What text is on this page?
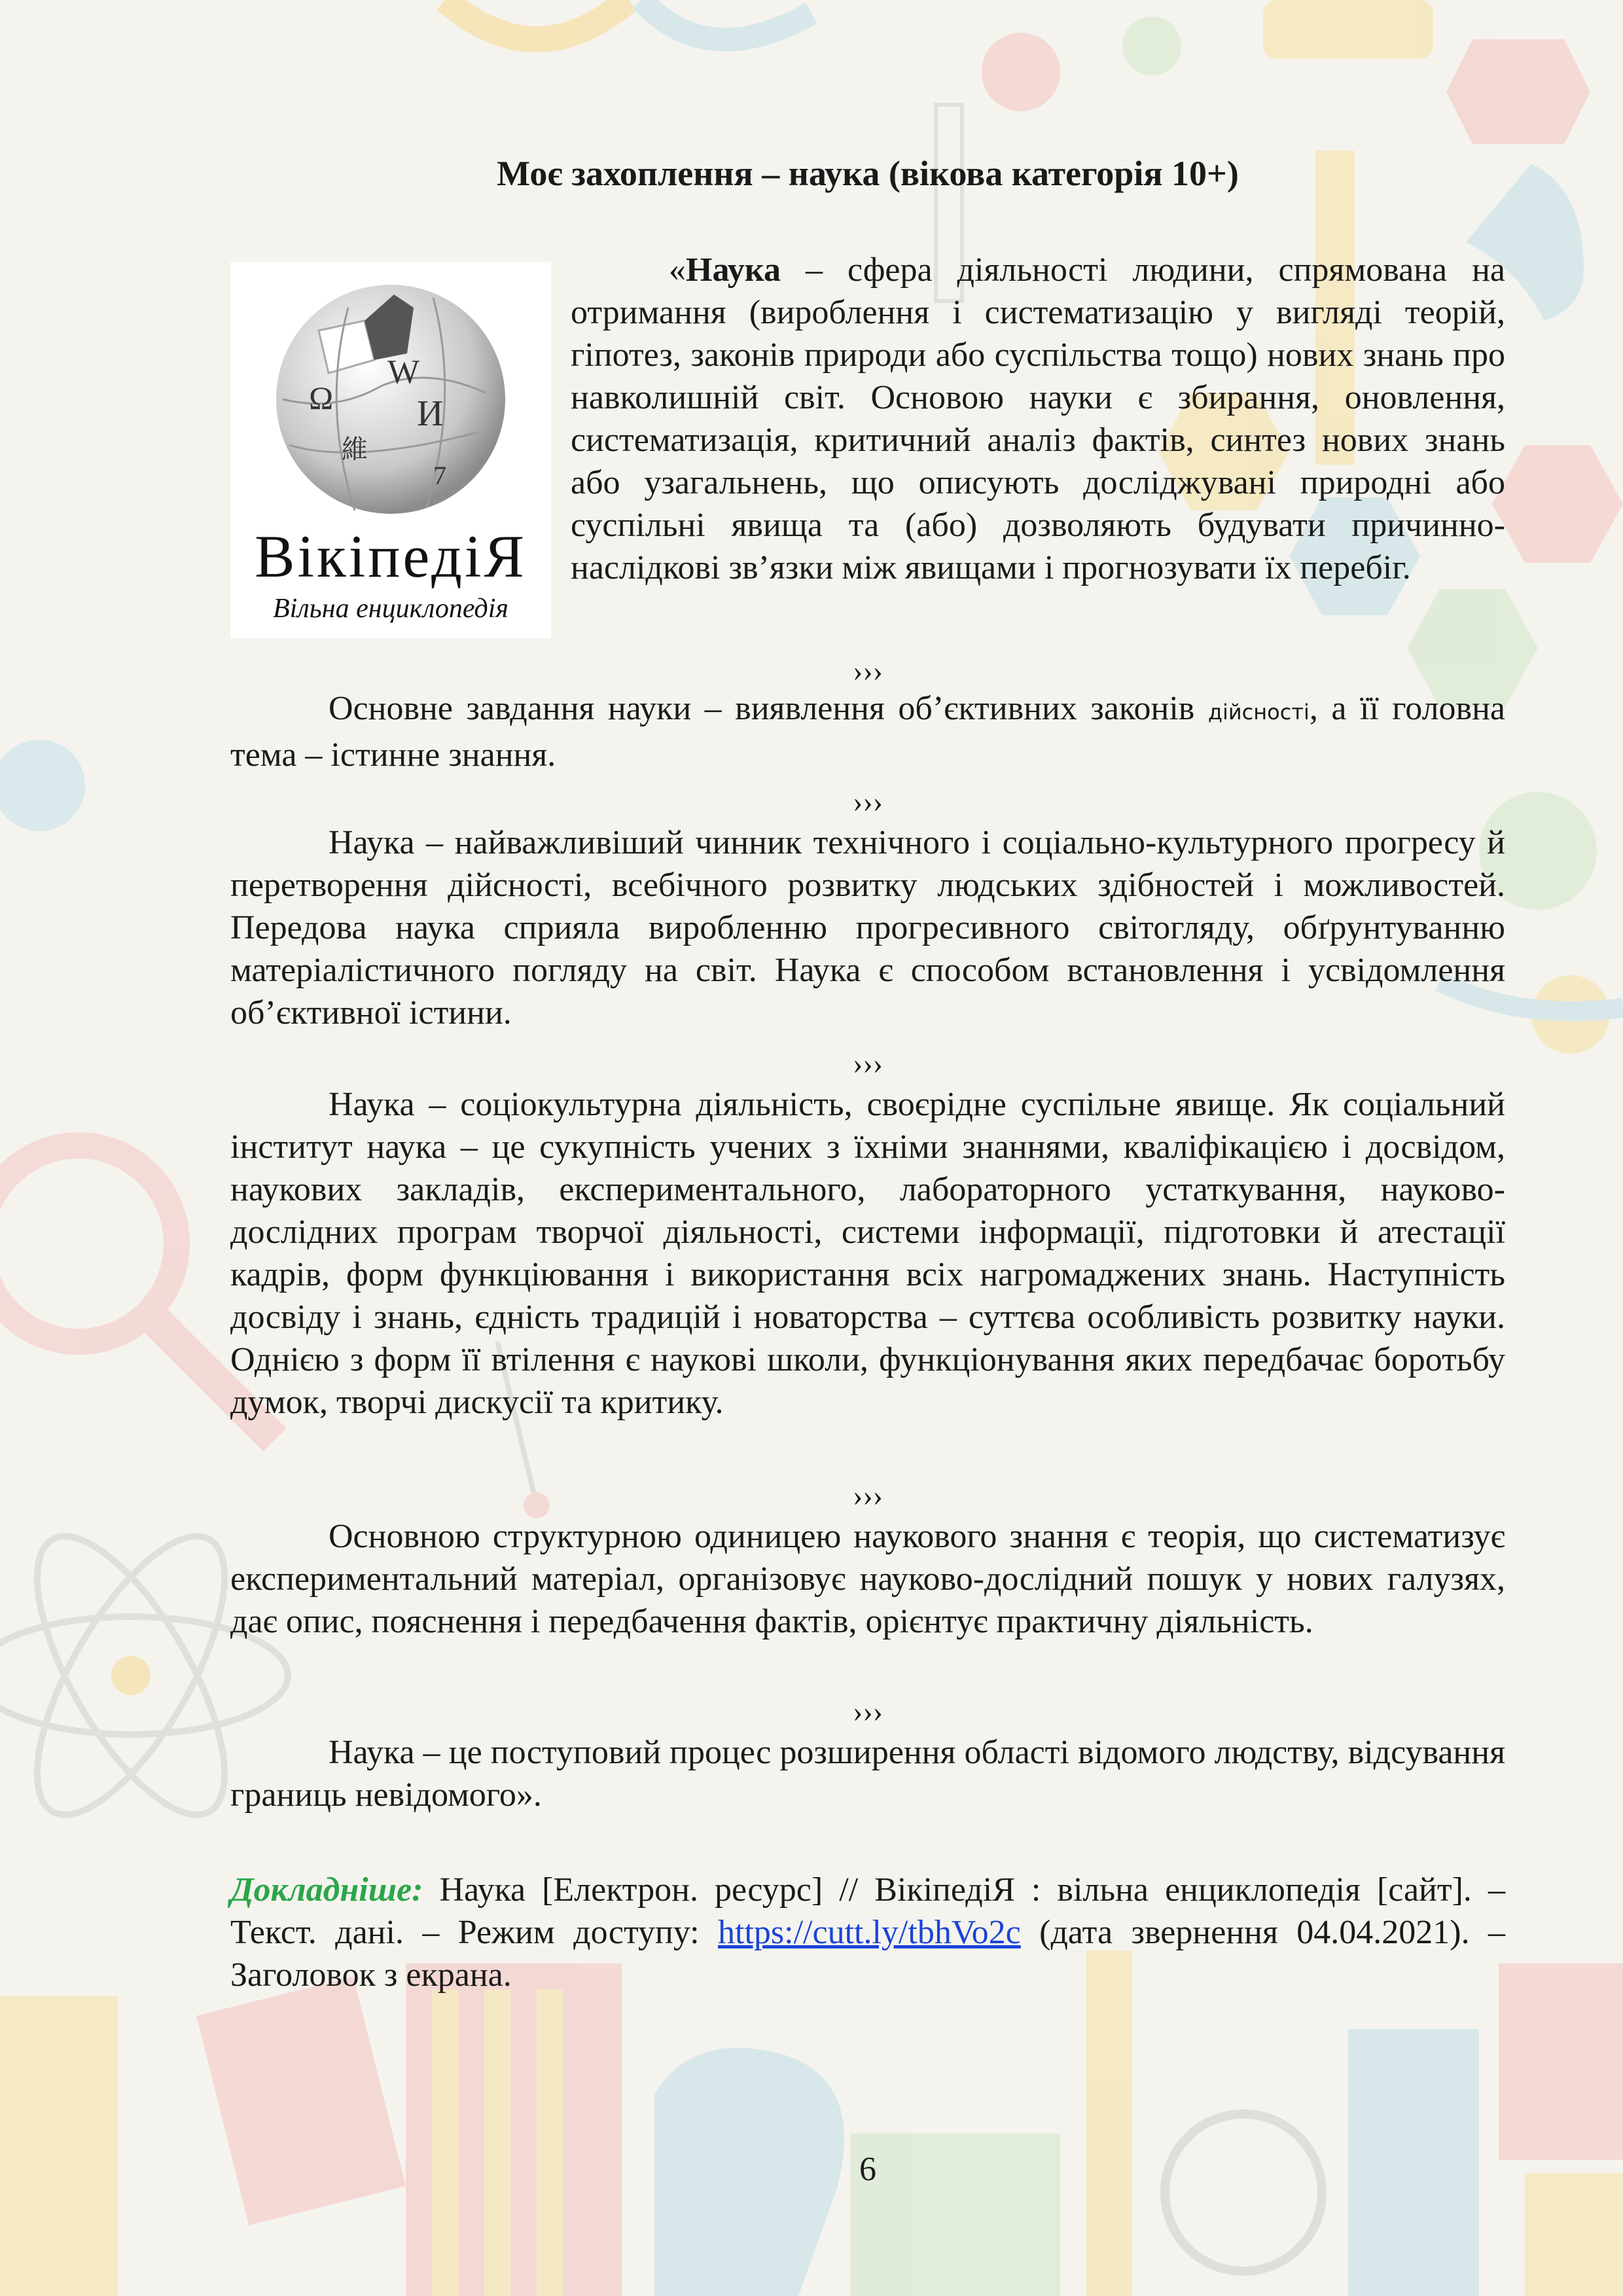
Моє захоплення – наука (вікова категорія 10+)
W
Ω И
維
7
ВікіпедіЯ
Вільна енциклопедія
«Наука – сфера діяльності людини, спрямована на отримання (вироблення і систематизацію у вигляді теорій, гіпотез, законів природи або суспільства тощо) нових знань про навколишній світ. Основою науки є збирання, оновлення, систематизація, критичний аналіз фактів, синтез нових знань або узагальнень, що описують досліджувані природні або суспільні явища та (або) дозволяють будувати причинно-наслідкові зв’язки між явищами і прогнозувати їх перебіг.
›››
Основне завдання науки – виявлення об’єктивних законів дійсності, а її головна тема – істинне знання.
›››
Наука – найважливіший чинник технічного і соціально-культурного прогресу й перетворення дійсності, всебічного розвитку людських здібностей і можливостей. Передова наука сприяла виробленню прогресивного світогляду, обґрунтуванню матеріалістичного погляду на світ. Наука є способом встановлення і усвідомлення об’єктивної істини.
›››
Наука – соціокультурна діяльність, своєрідне суспільне явище. Як соціальний інститут наука – це сукупність учених з їхніми знаннями, кваліфікацією і досвідом, наукових закладів, експериментального, лабораторного устаткування, науково-дослідних програм творчої діяльності, системи інформації, підготовки й атестації кадрів, форм функціювання і використання всіх нагромаджених знань. Наступність досвіду і знань, єдність традицій і новаторства – суттєва особливість розвитку науки. Однією з форм її втілення є наукові школи, функціонування яких передбачає боротьбу думок, творчі дискусії та критику.
›››
Основною структурною одиницею наукового знання є теорія, що систематизує експериментальний матеріал, організовує науково-дослідний пошук у нових галузях, дає опис, пояснення і передбачення фактів, орієнтує практичну діяльність.
›››
Наука – це поступовий процес розширення області відомого людству, відсування границь невідомого».
Докладніше: Наука [Електрон. ресурс] // ВікіпедіЯ : вільна енциклопедія [сайт]. – Текст. дані. – Режим доступу: https://cutt.ly/tbhVo2c (дата звернення 04.04.2021). – Заголовок з екрана.
6
